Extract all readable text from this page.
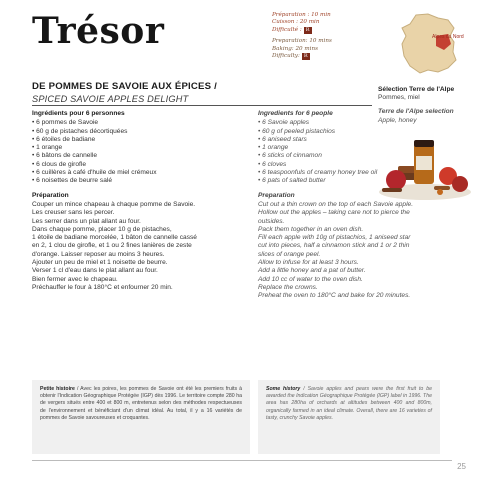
Trésor	Préparation : 10 min
Cuisson : 20 min
Difficulté : R
Preparation: 10 mins
Baking: 20 mins
Difficulty: R
Alpes du Nord
DE POMMES DE SAVOIE AUX ÉPICES /
SPICED SAVOIE APPLES DELIGHT
Sélection Terre de l'Alpe
Pommes, miel
Terre de l'Alpe selection
Apple, honey
Ingrédients pour 6 personnes
• 6 pommes de Savoie
• 60 g de pistaches décortiquées
• 6 étoiles de badiane
• 1 orange
• 6 bâtons de cannelle
• 6 clous de girofle
• 6 cuillères à café d'huile de miel crémeux
• 6 noisettes de beurre salé
Préparation
Couper un mince chapeau à chaque pomme de Savoie.
Les creuser sans les percer.
Les serrer dans un plat allant au four.
Dans chaque pomme, placer 10 g de pistaches,
1 étoile de badiane morcelée, 1 bâton de cannelle cassé
en 2, 1 clou de girofle, et 1 ou 2 fines lanières de zeste
d'orange. Laisser reposer au moins 3 heures.
Ajouter un peu de miel et 1 noisette de beurre.
Verser 1 cl d'eau dans le plat allant au four.
Bien fermer avec le chapeau.
Préchauffer le four à 180°C et enfourner 20 min.
Ingredients for 6 people
• 6 Savoie apples
• 60 g of peeled pistachios
• 6 aniseed stars
• 1 orange
• 6 sticks of cinnamon
• 6 cloves
• 6 teaspoonfuls of creamy honey tree oil
• 6 pats of salted butter
Preparation
Cut out a thin crown on the top of each Savoie apple.
Hollow out the apples – taking care not to pierce the
outsides.
Pack them together in an oven dish.
Fill each apple with 10g of pistachios, 1 aniseed star
cut into pieces, half a cinnamon stick and 1 or 2 thin
slices of orange peel.
Allow to infuse for at least 3 hours.
Add a little honey and a pat of butter.
Add 10 cc of water to the oven dish.
Replace the crowns.
Preheat the oven to 180°C and bake for 20 minutes.
Petite histoire / Avec les poires, les pommes de Savoie ont été les premiers fruits à obtenir l'Indication Géographique Protégée (IGP) dès 1996. Le territoire compte 280 ha de vergers situés entre 400 et 800 m, entretenus selon des méthodes respectueuses de l'environnement et bénéficiant d'un climat idéal. Au total, il y a 16 variétés de pommes de Savoie savoureuses et croquantes.
Some history / Savoie apples and pears were the first fruit to be awarded the Indication Géographique Protégée (IGP) label in 1996. The area has 280ha of orchards at altitudes between 400 and 800m, organically farmed in an ideal climate. Overall, there are 16 varieties of tasty, crunchy Savoie apples.
25
